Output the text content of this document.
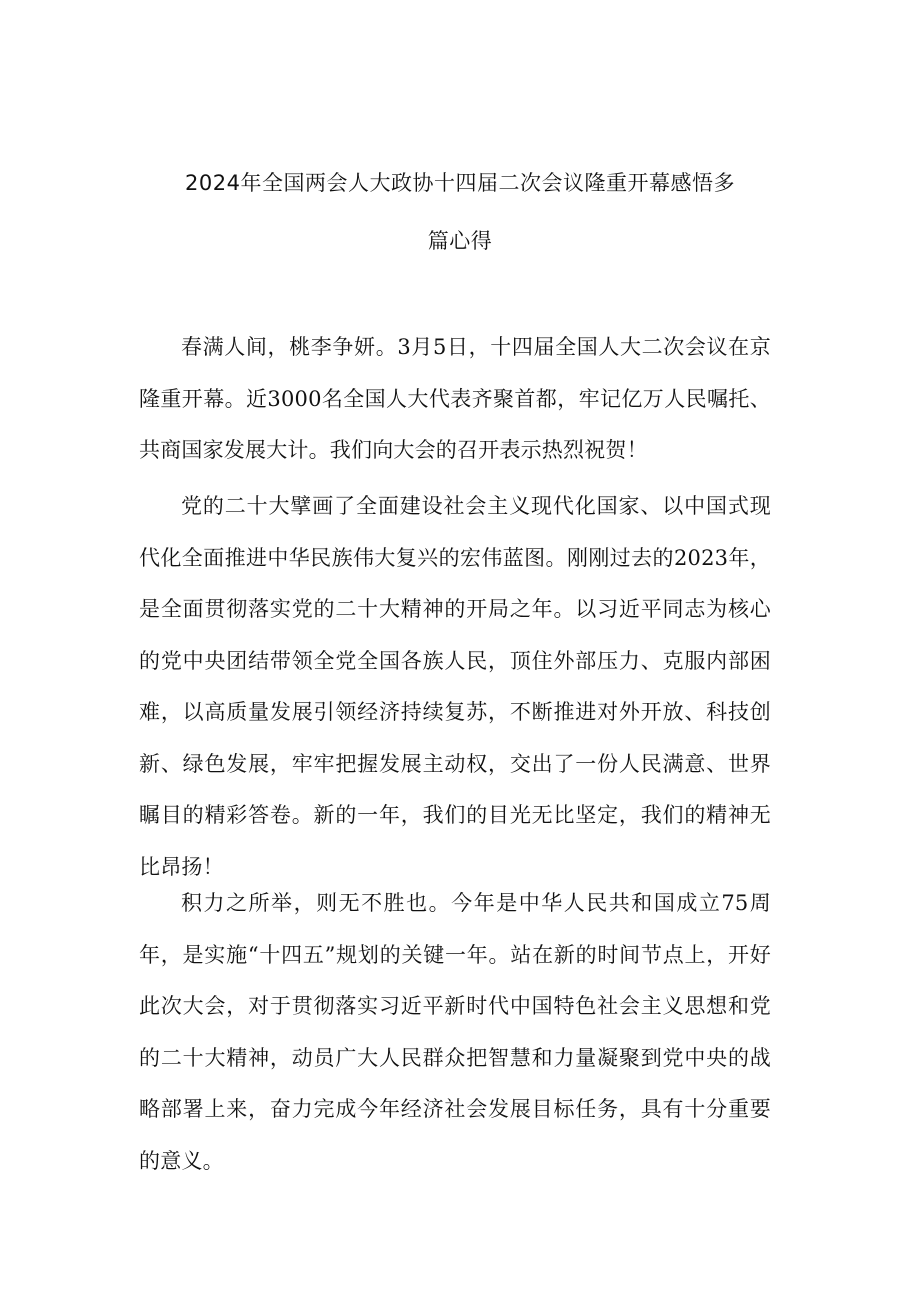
2024年全国两会人大政协十四届二次会议隆重开幕感悟多
篇心得

春满人间，桃李争妍。3月5日，十四届全国人大二次会议在京隆重开幕。近3000名全国人大代表齐聚首都，牢记亿万人民嘱托、共商国家发展大计。我们向大会的召开表示热烈祝贺！

党的二十大擘画了全面建设社会主义现代化国家、以中国式现代化全面推进中华民族伟大复兴的宏伟蓝图。刚刚过去的2023年，是全面贯彻落实党的二十大精神的开局之年。以习近平同志为核心的党中央团结带领全党全国各族人民，顶住外部压力、克服内部困难，以高质量发展引领经济持续复苏，不断推进对外开放、科技创新、绿色发展，牢牢把握发展主动权，交出了一份人民满意、世界瞩目的精彩答卷。新的一年，我们的目光无比坚定，我们的精神无比昂扬！

积力之所举，则无不胜也。今年是中华人民共和国成立75周年，是实施“十四五”规划的关键一年。站在新的时间节点上，开好此次大会，对于贯彻落实习近平新时代中国特色社会主义思想和党的二十大精神，动员广大人民群众把智慧和力量凝聚到党中央的战略部署上来，奋力完成今年经济社会发展目标任务，具有十分重要的意义。
